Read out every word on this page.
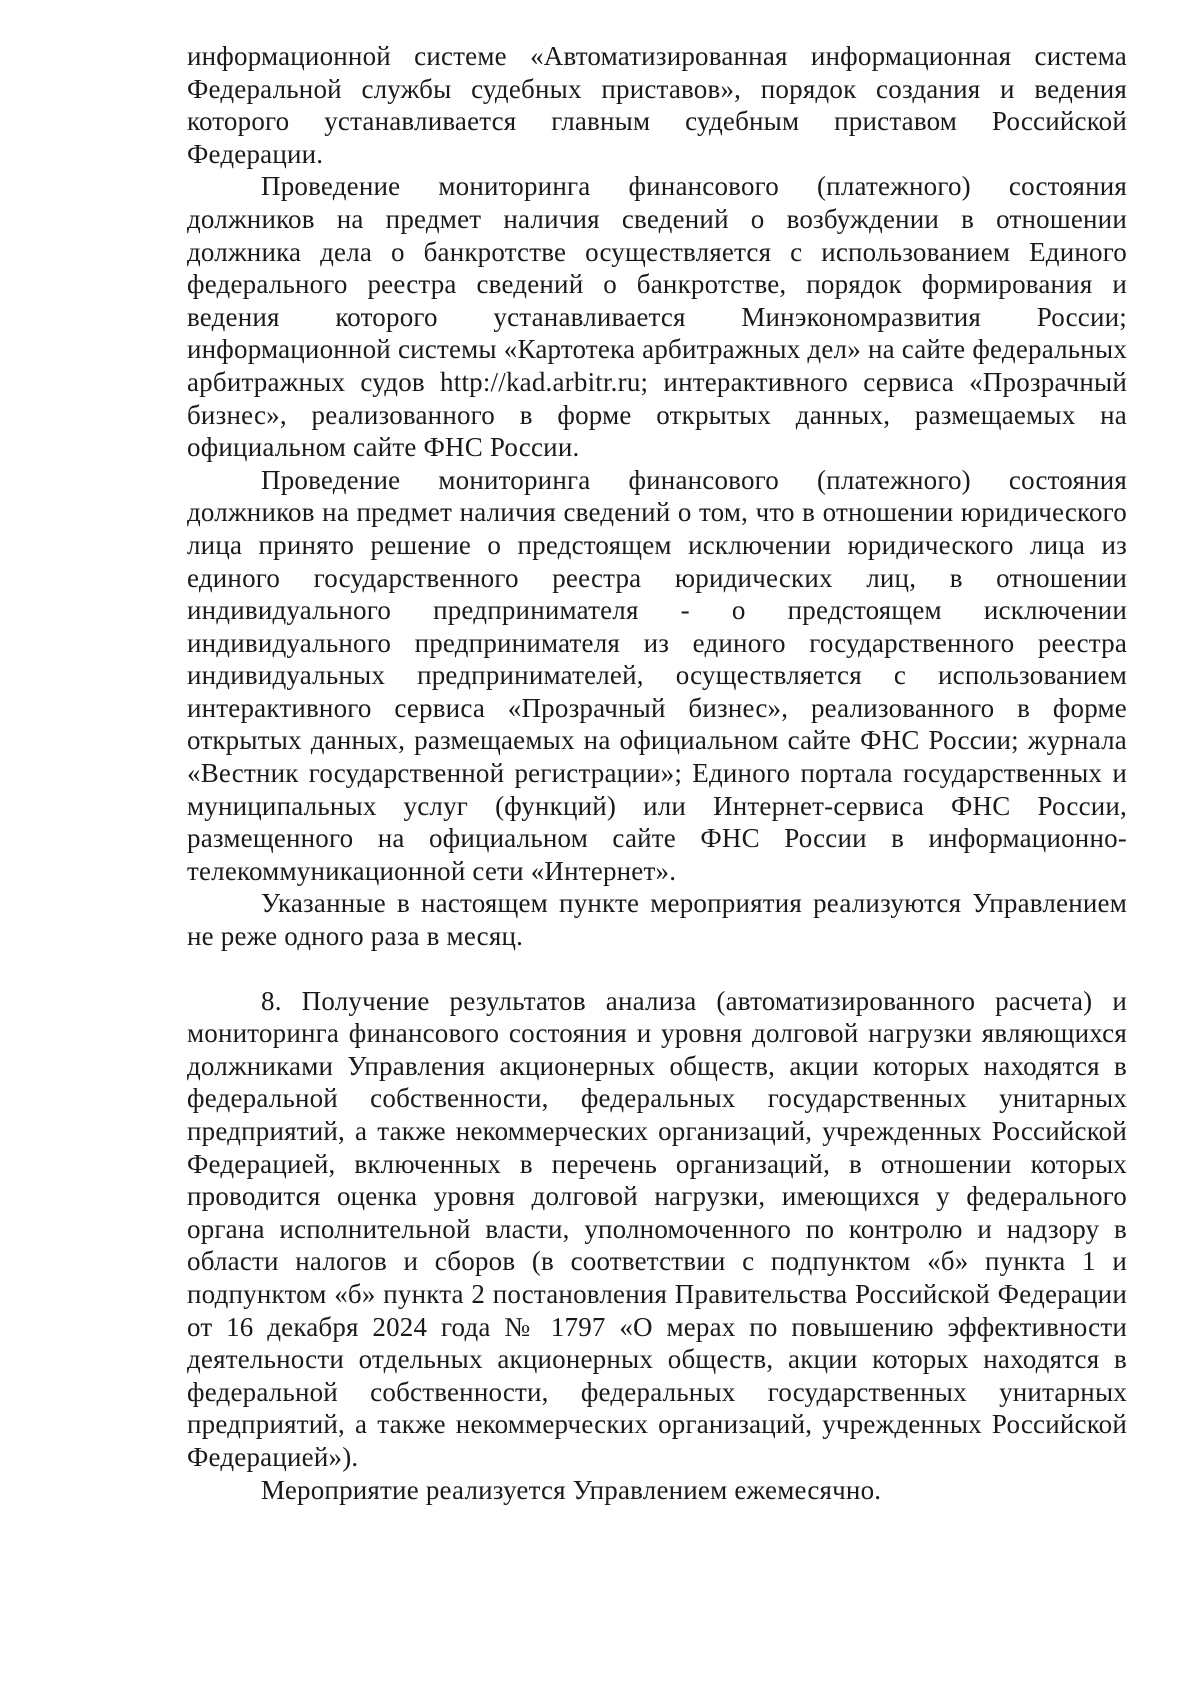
информационной системе «Автоматизированная информационная система Федеральной службы судебных приставов», порядок создания и ведения которого устанавливается главным судебным приставом Российской Федерации.

Проведение мониторинга финансового (платежного) состояния должников на предмет наличия сведений о возбуждении в отношении должника дела о банкротстве осуществляется с использованием Единого федерального реестра сведений о банкротстве, порядок формирования и ведения которого устанавливается Минэкономразвития России; информационной системы «Картотека арбитражных дел» на сайте федеральных арбитражных судов http://kad.arbitr.ru; интерактивного сервиса «Прозрачный бизнес», реализованного в форме открытых данных, размещаемых на официальном сайте ФНС России.

Проведение мониторинга финансового (платежного) состояния должников на предмет наличия сведений о том, что в отношении юридического лица принято решение о предстоящем исключении юридического лица из единого государственного реестра юридических лиц, в отношении индивидуального предпринимателя - о предстоящем исключении индивидуального предпринимателя из единого государственного реестра индивидуальных предпринимателей, осуществляется с использованием интерактивного сервиса «Прозрачный бизнес», реализованного в форме открытых данных, размещаемых на официальном сайте ФНС России; журнала «Вестник государственной регистрации»; Единого портала государственных и муниципальных услуг (функций) или Интернет-сервиса ФНС России, размещенного на официальном сайте ФНС России в информационно-телекоммуникационной сети «Интернет».

Указанные в настоящем пункте мероприятия реализуются Управлением не реже одного раза в месяц.

8. Получение результатов анализа (автоматизированного расчета) и мониторинга финансового состояния и уровня долговой нагрузки являющихся должниками Управления акционерных обществ, акции которых находятся в федеральной собственности, федеральных государственных унитарных предприятий, а также некоммерческих организаций, учрежденных Российской Федерацией, включенных в перечень организаций, в отношении которых проводится оценка уровня долговой нагрузки, имеющихся у федерального органа исполнительной власти, уполномоченного по контролю и надзору в области налогов и сборов (в соответствии с подпунктом «б» пункта 1 и подпунктом «б» пункта 2 постановления Правительства Российской Федерации от 16 декабря 2024 года № 1797 «О мерах по повышению эффективности деятельности отдельных акционерных обществ, акции которых находятся в федеральной собственности, федеральных государственных унитарных предприятий, а также некоммерческих организаций, учрежденных Российской Федерацией»).

Мероприятие реализуется Управлением ежемесячно.
